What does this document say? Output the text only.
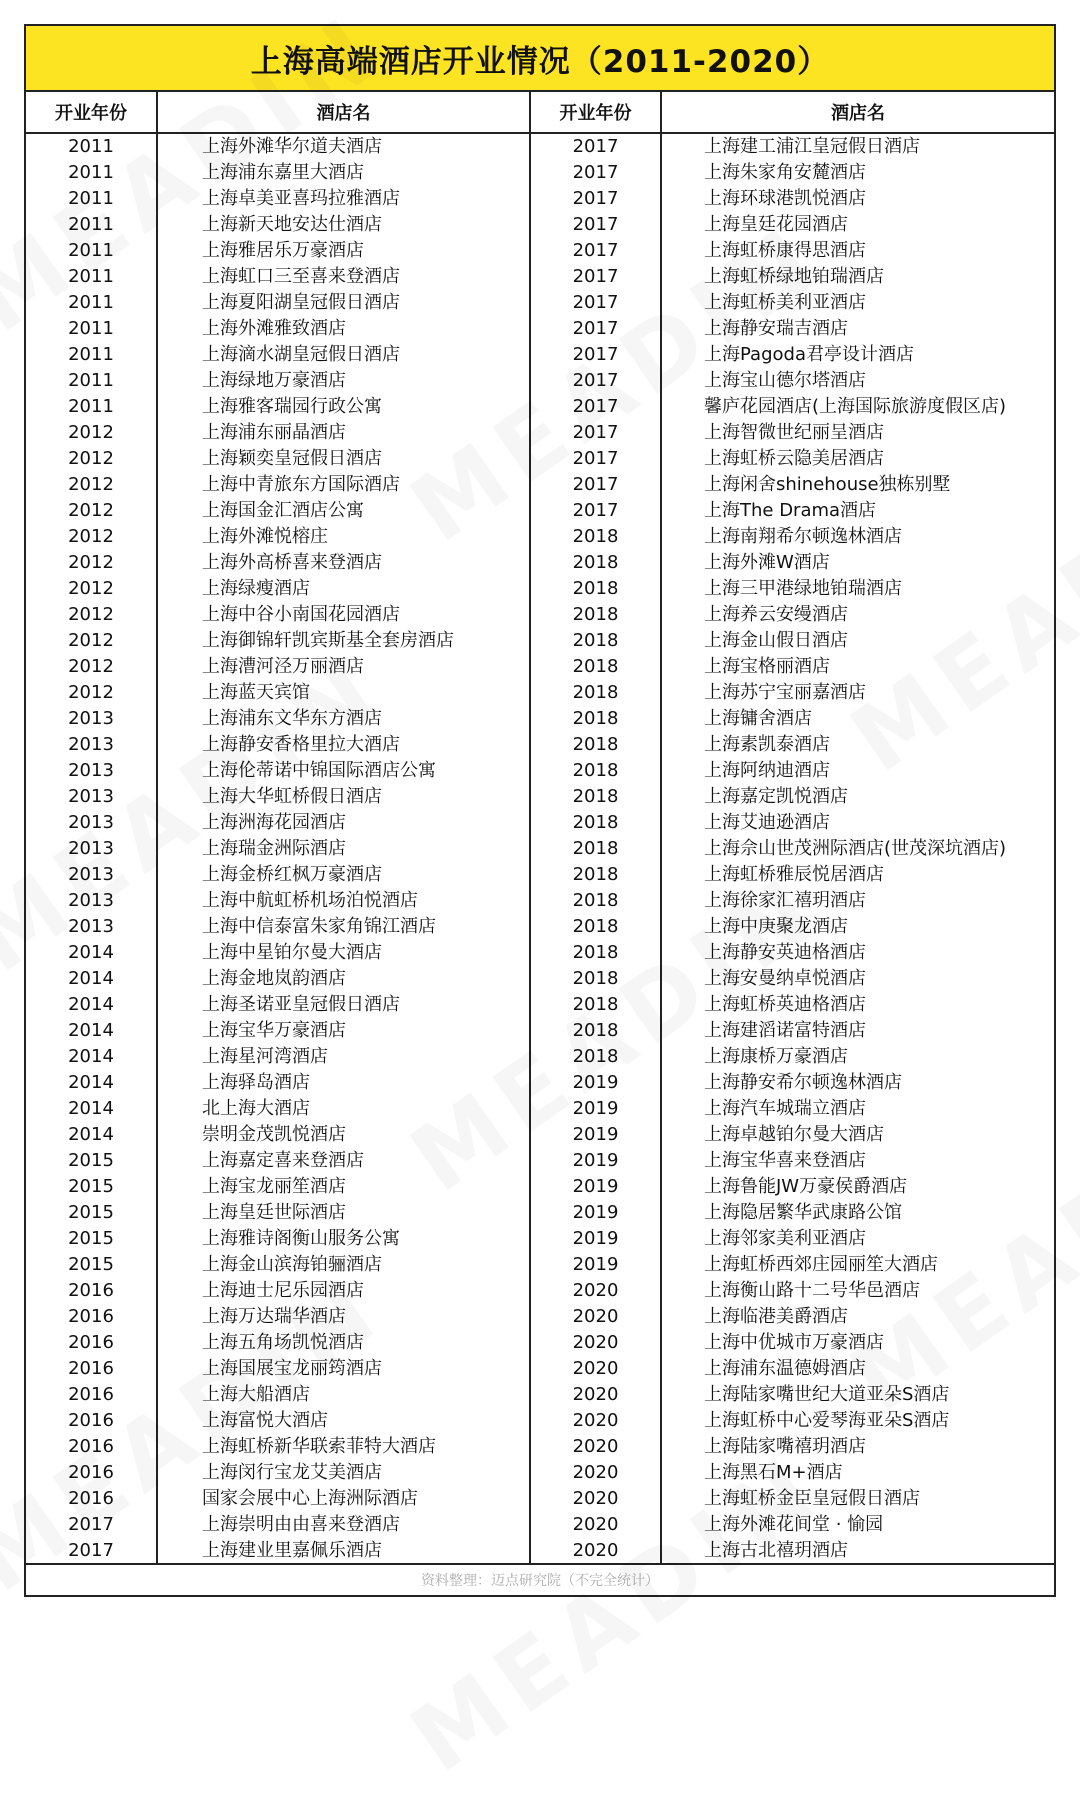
上海高端酒店开业情况（2011-2020）
开业年份	酒店名	开业年份	酒店名
2011	上海外滩华尔道夫酒店	2017	上海建工浦江皇冠假日酒店
2011	上海浦东嘉里大酒店	2017	上海朱家角安麓酒店
2011	上海卓美亚喜玛拉雅酒店	2017	上海环球港凯悦酒店
2011	上海新天地安达仕酒店	2017	上海皇廷花园酒店
2011	上海雅居乐万豪酒店	2017	上海虹桥康得思酒店
2011	上海虹口三至喜来登酒店	2017	上海虹桥绿地铂瑞酒店
2011	上海夏阳湖皇冠假日酒店	2017	上海虹桥美利亚酒店
2011	上海外滩雅致酒店	2017	上海静安瑞吉酒店
2011	上海滴水湖皇冠假日酒店	2017	上海Pagoda君亭设计酒店
2011	上海绿地万豪酒店	2017	上海宝山德尔塔酒店
2011	上海雅客瑞园行政公寓	2017	馨庐花园酒店(上海国际旅游度假区店)
2012	上海浦东丽晶酒店	2017	上海智微世纪丽呈酒店
2012	上海颖奕皇冠假日酒店	2017	上海虹桥云隐美居酒店
2012	上海中青旅东方国际酒店	2017	上海闲舍shinehouse独栋别墅
2012	上海国金汇酒店公寓	2017	上海The Drama酒店
2012	上海外滩悦榕庄	2018	上海南翔希尔顿逸林酒店
2012	上海外高桥喜来登酒店	2018	上海外滩W酒店
2012	上海绿瘦酒店	2018	上海三甲港绿地铂瑞酒店
2012	上海中谷小南国花园酒店	2018	上海养云安缦酒店
2012	上海御锦轩凯宾斯基全套房酒店	2018	上海金山假日酒店
2012	上海漕河泾万丽酒店	2018	上海宝格丽酒店
2012	上海蓝天宾馆	2018	上海苏宁宝丽嘉酒店
2013	上海浦东文华东方酒店	2018	上海镛舍酒店
2013	上海静安香格里拉大酒店	2018	上海素凯泰酒店
2013	上海伦蒂诺中锦国际酒店公寓	2018	上海阿纳迪酒店
2013	上海大华虹桥假日酒店	2018	上海嘉定凯悦酒店
2013	上海洲海花园酒店	2018	上海艾迪逊酒店
2013	上海瑞金洲际酒店	2018	上海佘山世茂洲际酒店(世茂深坑酒店)
2013	上海金桥红枫万豪酒店	2018	上海虹桥雅辰悦居酒店
2013	上海中航虹桥机场泊悦酒店	2018	上海徐家汇禧玥酒店
2013	上海中信泰富朱家角锦江酒店	2018	上海中庚聚龙酒店
2014	上海中星铂尔曼大酒店	2018	上海静安英迪格酒店
2014	上海金地岚韵酒店	2018	上海安曼纳卓悦酒店
2014	上海圣诺亚皇冠假日酒店	2018	上海虹桥英迪格酒店
2014	上海宝华万豪酒店	2018	上海建滔诺富特酒店
2014	上海星河湾酒店	2018	上海康桥万豪酒店
2014	上海驿岛酒店	2019	上海静安希尔顿逸林酒店
2014	北上海大酒店	2019	上海汽车城瑞立酒店
2014	崇明金茂凯悦酒店	2019	上海卓越铂尔曼大酒店
2015	上海嘉定喜来登酒店	2019	上海宝华喜来登酒店
2015	上海宝龙丽笙酒店	2019	上海鲁能JW万豪侯爵酒店
2015	上海皇廷世际酒店	2019	上海隐居繁华武康路公馆
2015	上海雅诗阁衡山服务公寓	2019	上海邻家美利亚酒店
2015	上海金山滨海铂骊酒店	2019	上海虹桥西郊庄园丽笙大酒店
2016	上海迪士尼乐园酒店	2020	上海衡山路十二号华邑酒店
2016	上海万达瑞华酒店	2020	上海临港美爵酒店
2016	上海五角场凯悦酒店	2020	上海中优城市万豪酒店
2016	上海国展宝龙丽筠酒店	2020	上海浦东温德姆酒店
2016	上海大船酒店	2020	上海陆家嘴世纪大道亚朵S酒店
2016	上海富悦大酒店	2020	上海虹桥中心爱琴海亚朵S酒店
2016	上海虹桥新华联索菲特大酒店	2020	上海陆家嘴禧玥酒店
2016	上海闵行宝龙艾美酒店	2020	上海黑石M+酒店
2016	国家会展中心上海洲际酒店	2020	上海虹桥金臣皇冠假日酒店
2017	上海崇明由由喜来登酒店	2020	上海外滩花间堂 · 愉园
2017	上海建业里嘉佩乐酒店	2020	上海古北禧玥酒店
资料整理：迈点研究院（不完全统计）
